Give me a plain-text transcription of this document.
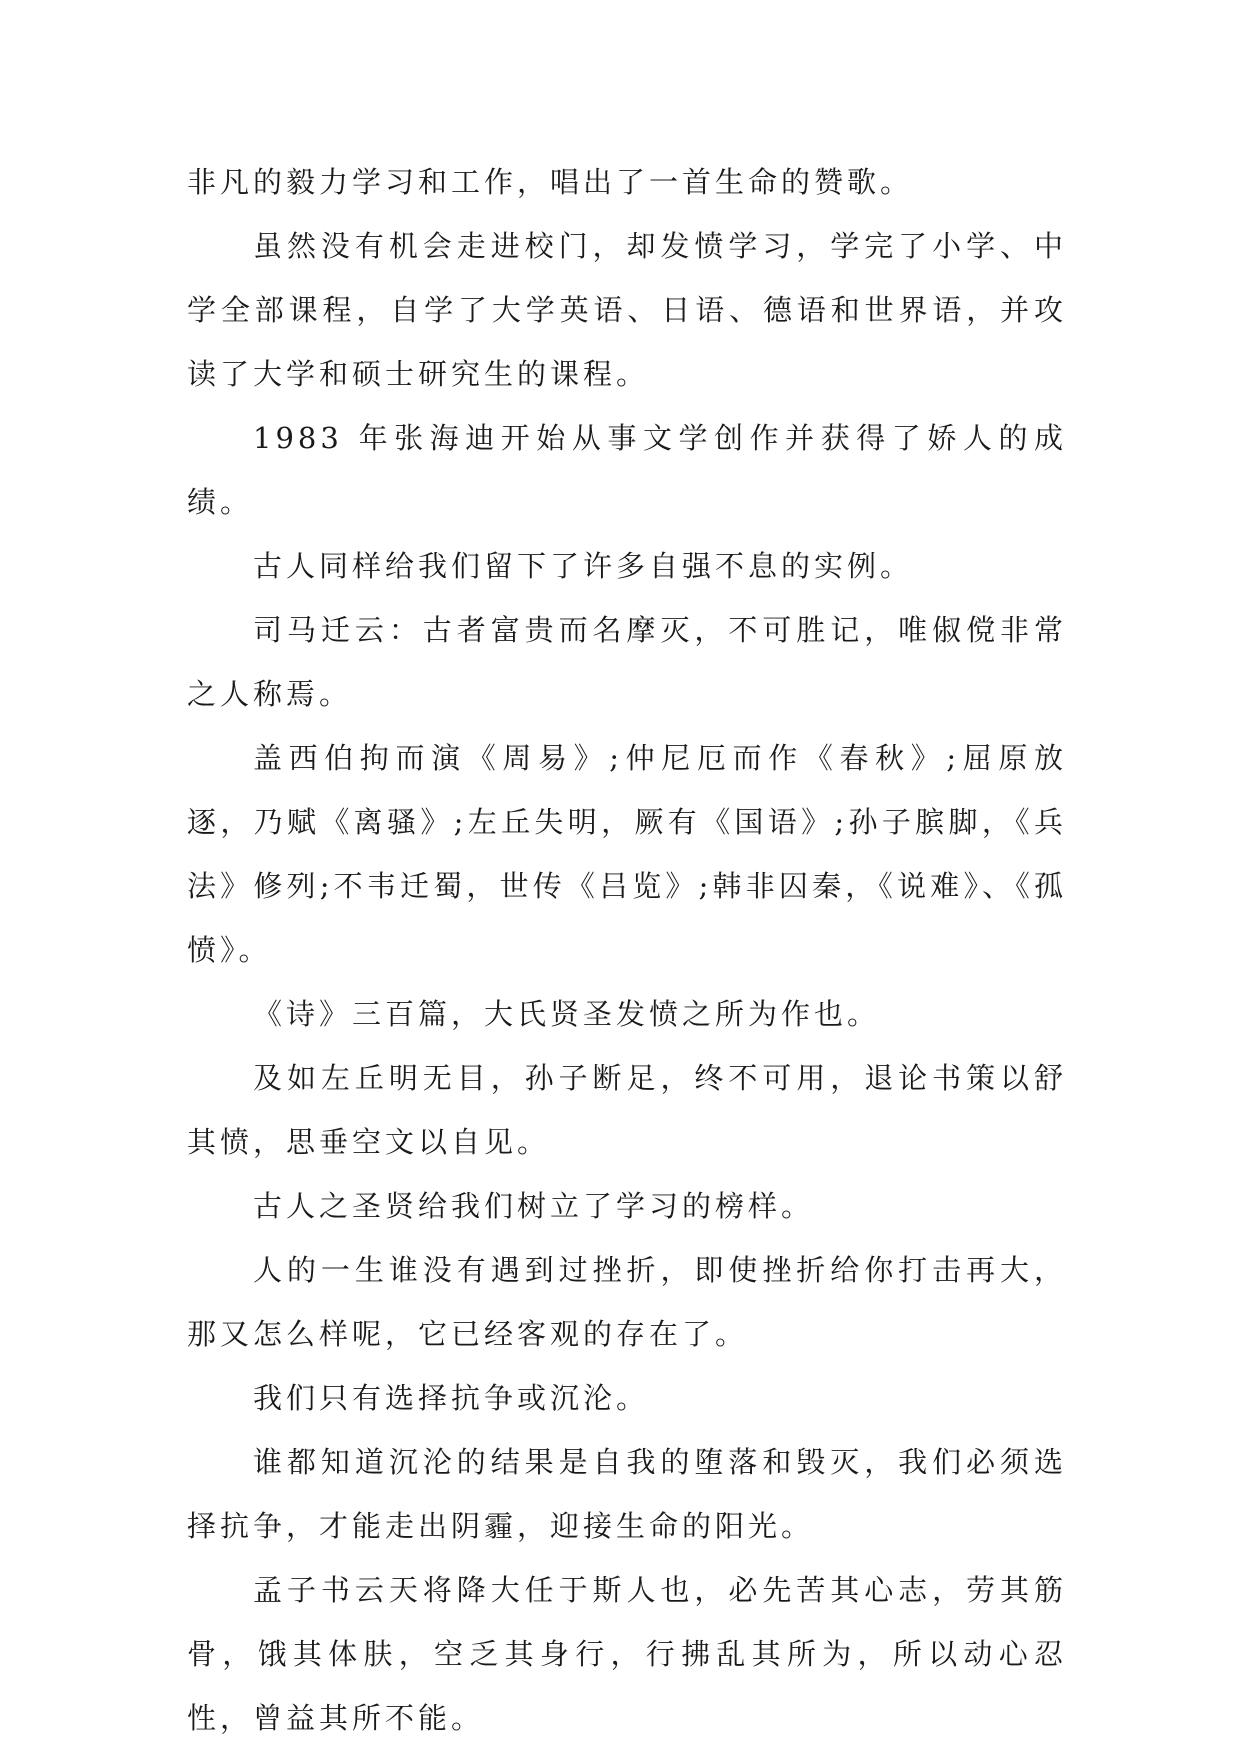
非凡的毅力学习和工作，唱出了一首生命的赞歌。

虽然没有机会走进校门，却发愤学习，学完了小学、中学全部课程，自学了大学英语、日语、德语和世界语，并攻读了大学和硕士研究生的课程。

1983 年张海迪开始从事文学创作并获得了娇人的成绩。

古人同样给我们留下了许多自强不息的实例。

司马迁云：古者富贵而名摩灭，不可胜记，唯俶傥非常之人称焉。

盖西伯拘而演《周易》;仲尼厄而作《春秋》;屈原放逐，乃赋《离骚》;左丘失明，厥有《国语》;孙子膑脚，《兵法》修列;不韦迁蜀，世传《吕览》;韩非囚秦，《说难》、《孤愤》。

《诗》三百篇，大氏贤圣发愤之所为作也。

及如左丘明无目，孙子断足，终不可用，退论书策以舒其愤，思垂空文以自见。

古人之圣贤给我们树立了学习的榜样。

人的一生谁没有遇到过挫折，即使挫折给你打击再大，那又怎么样呢，它已经客观的存在了。

我们只有选择抗争或沉沦。

谁都知道沉沦的结果是自我的堕落和毁灭，我们必须选择抗争，才能走出阴霾，迎接生命的阳光。

孟子书云天将降大任于斯人也，必先苦其心志，劳其筋骨，饿其体肤，空乏其身行，行拂乱其所为，所以动心忍性，曾益其所不能。
